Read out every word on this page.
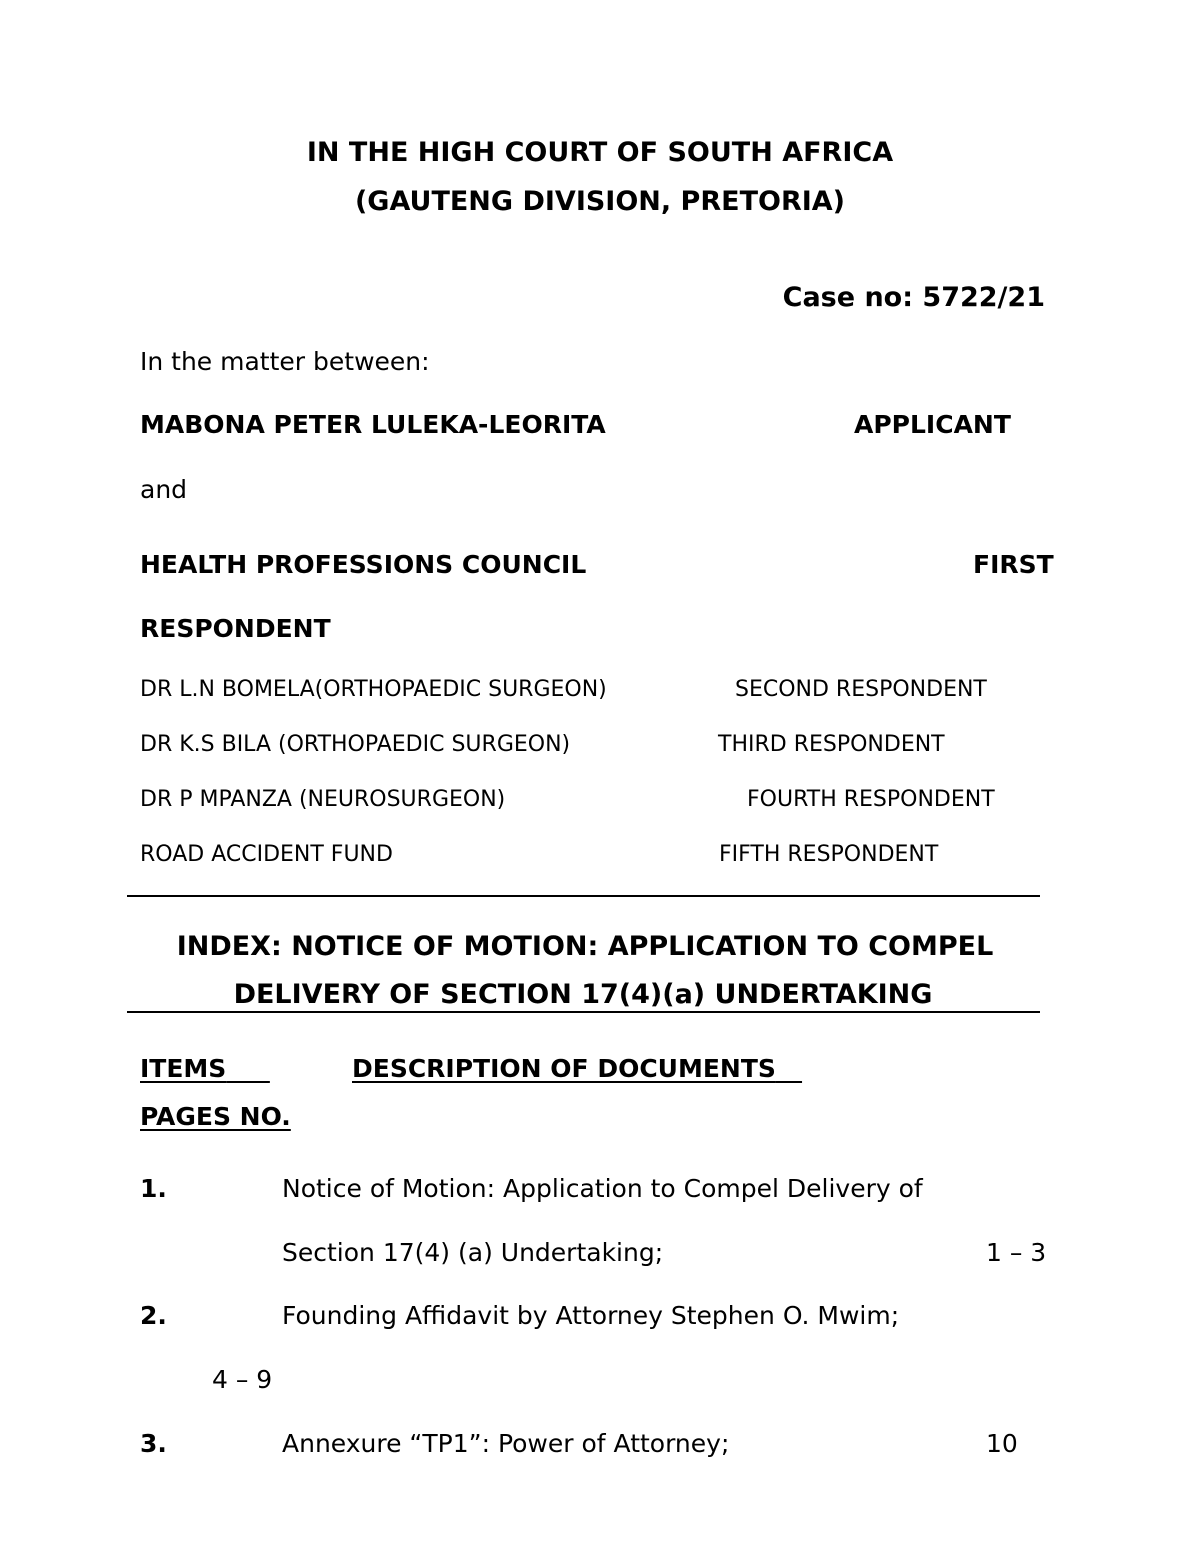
IN THE HIGH COURT OF SOUTH AFRICA
(GAUTENG DIVISION, PRETORIA)
Case no: 5722/21
In the matter between:
MABONA PETER LULEKA-LEORITA	APPLICANT
and
HEALTH PROFESSIONS COUNCIL	FIRST
RESPONDENT
DR L.N BOMELA(ORTHOPAEDIC SURGEON)	SECOND RESPONDENT
DR K.S BILA (ORTHOPAEDIC SURGEON)	THIRD RESPONDENT
DR P MPANZA (NEUROSURGEON)	FOURTH RESPONDENT
ROAD ACCIDENT FUND	FIFTH RESPONDENT
INDEX: NOTICE OF MOTION: APPLICATION TO COMPEL
DELIVERY OF SECTION 17(4)(a) UNDERTAKING
ITEMS	DESCRIPTION OF DOCUMENTS
PAGES NO.
1.	Notice of Motion: Application to Compel Delivery of
Section 17(4) (a) Undertaking;	1 – 3
2.	Founding Affidavit by Attorney Stephen O. Mwim;
4 – 9
3.	Annexure “TP1”: Power of Attorney;	10
